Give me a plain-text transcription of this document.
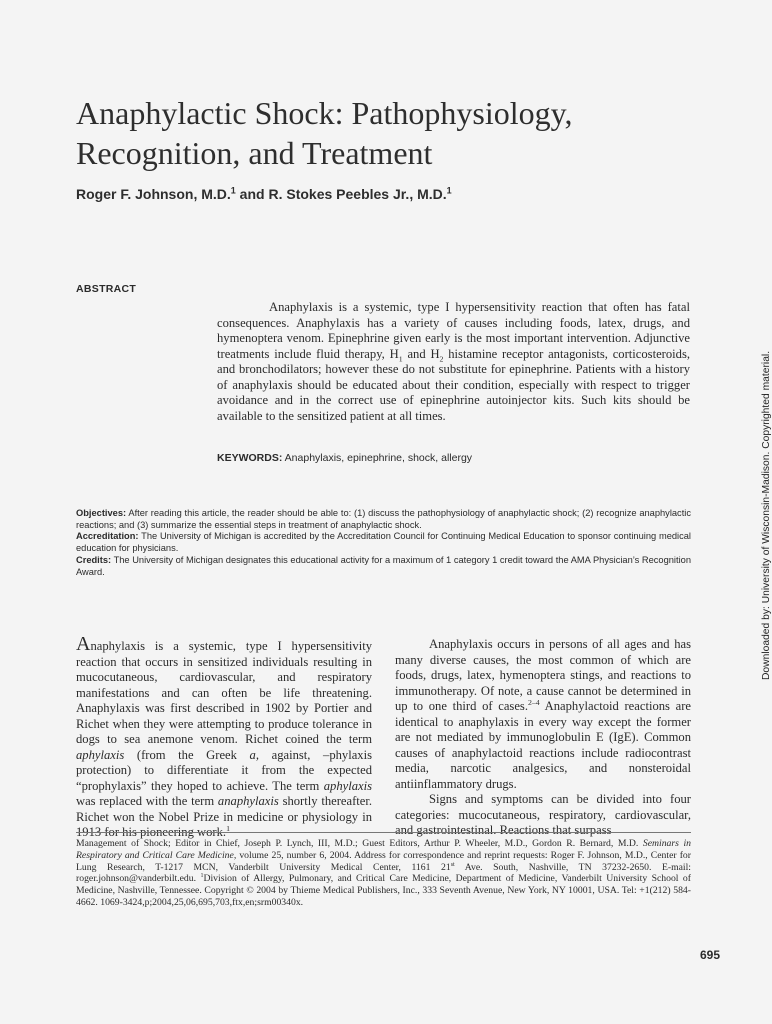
Anaphylactic Shock: Pathophysiology,
Recognition, and Treatment
Roger F. Johnson, M.D.$^1$ and R. Stokes Peebles Jr., M.D.$^1$
ABSTRACT
Anaphylaxis is a systemic, type I hypersensitivity reaction that often has fatal consequences. Anaphylaxis has a variety of causes including foods, latex, drugs, and hymenoptera venom. Epinephrine given early is the most important intervention. Adjunctive treatments include fluid therapy, $H_1$ and $H_2$ histamine receptor antagonists, corticosteroids, and bronchodilators; however these do not substitute for epinephrine. Patients with a history of anaphylaxis should be educated about their condition, especially with respect to trigger avoidance and in the correct use of epinephrine autoinjector kits. Such kits should be available to the sensitized patient at all times.
KEYWORDS: Anaphylaxis, epinephrine, shock, allergy

Objectives: After reading this article, the reader should be able to: (1) discuss the pathophysiology of anaphylactic shock; (2) recognize anaphylactic reactions; and (3) summarize the essential steps in treatment of anaphylactic shock.

Accreditation: The University of Michigan is accredited by the Accreditation Council for Continuing Medical Education to sponsor continuing medical education for physicians.

Credits: The University of Michigan designates this educational activity for a maximum of 1 category 1 credit toward the AMA Physician’s Recognition Award.

Anaphylaxis is a systemic, type I hypersensitivity reaction that occurs in sensitized individuals resulting in mucocutaneous, cardiovascular, and respiratory manifestations and can often be life threatening. Anaphylaxis was first described in 1902 by Portier and Richet when they were attempting to produce tolerance in dogs to sea anemone venom. Richet coined the term aphylaxis (from the Greek a, against, –phylaxis protection) to differentiate it from the expected “prophylaxis” they hoped to achieve. The term aphylaxis was replaced with the term anaphylaxis shortly thereafter. Richet won the Nobel Prize in medicine or physiology in 1913 for his pioneering work.$^1$

Anaphylaxis occurs in persons of all ages and has many diverse causes, the most common of which are foods, drugs, latex, hymenoptera stings, and reactions to immunotherapy. Of note, a cause cannot be determined in up to one third of cases.$^{2-4}$ Anaphylactoid reactions are identical to anaphylaxis in every way except the former are not mediated by immunoglobulin E (IgE). Common causes of anaphylactoid reactions include radiocontrast media, narcotic analgesics, and nonsteroidal antiinflammatory drugs.

Signs and symptoms can be divided into four categories: mucocutaneous, respiratory, cardiovascular, and gastrointestinal. Reactions that surpass

Management of Shock; Editor in Chief, Joseph P. Lynch, III, M.D.; Guest Editors, Arthur P. Wheeler, M.D., Gordon R. Bernard, M.D. Seminars in Respiratory and Critical Care Medicine, volume 25, number 6, 2004. Address for correspondence and reprint requests: Roger F. Johnson, M.D., Center for Lung Research, T-1217 MCN, Vanderbilt University Medical Center, 1161 21st Ave. South, Nashville, TN 37232-2650. E-mail: roger.johnson@vanderbilt.edu. $^1$Division of Allergy, Pulmonary, and Critical Care Medicine, Department of Medicine, Vanderbilt University School of Medicine, Nashville, Tennessee. Copyright © 2004 by Thieme Medical Publishers, Inc., 333 Seventh Avenue, New York, NY 10001, USA. Tel: +1(212) 584-4662. 1069-3424,p;2004,25,06,695,703,ftx,en;srm00340x.
695
Downloaded by: University of Wisconsin-Madison. Copyrighted material.
